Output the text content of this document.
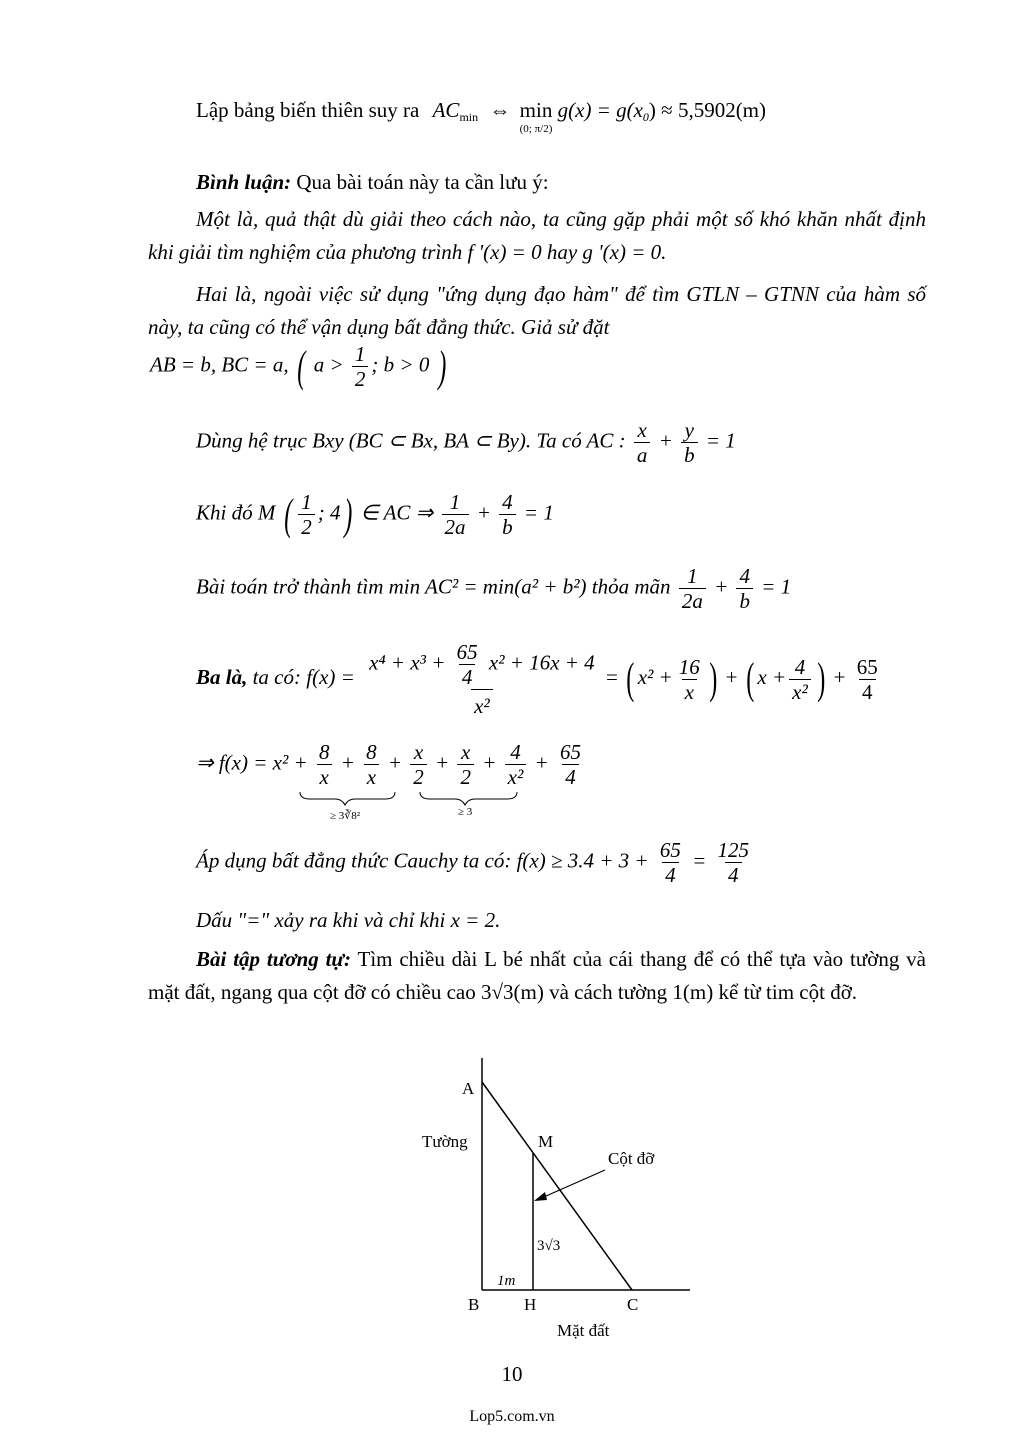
Lập bảng biến thiên suy ra $AC_{min}$ ⇔ min
(0; π/2)
$g(x) = g(x_0) \approx 5,5902(m)$
Bình luận: Qua bài toán này ta cần lưu ý:
Một là, quả thật dù giải theo cách nào, ta cũng gặp phải một số khó khăn nhất định khi giải tìm nghiệm của phương trình f '(x) = 0 hay g '(x) = 0.
Hai là, ngoài việc sử dụng "ứng dụng đạo hàm" để tìm GTLN – GTNN của hàm số này, ta cũng có thể vận dụng bất đẳng thức. Giả sử đặt
AB = b, BC = a, ( $a > \frac{1}{2}$ ; b > 0 )
Dùng hệ trục Bxy (BC ⊂ Bx, BA ⊂ By). Ta có AC : $\frac{x}{a} + \frac{y}{b} = 1$
Khi đó M ( $\frac{1}{2}$ ; 4) ∈ AC ⇒ $\frac{1}{2a} + \frac{4}{b} = 1$
Bài toán trở thành tìm min AC² = min(a² + b²) thỏa mãn $\frac{1}{2a} + \frac{4}{b} = 1$
Ba là, ta có: $f(x) = \frac{x^4 + x^3 + \frac{65}{4} x^2 + 16x + 4}{\text{x²}}$ = ( $x^2 + \frac{16}{x}$ ) + ( $x + \frac{4}{\text{x²}}$ ) + $\frac{65}{4}$
⇒ $f(x) = x^2 + \frac{8}{x} + \frac{8}{x} + \frac{x}{2} + \frac{x}{2} + \frac{4}{\text{x²}} + \frac{65}{4}$
≥ 3∛8²	≥ 3
Áp dụng bất đẳng thức Cauchy ta có: $f(x) \ge 3.4 + 3 + \frac{65}{4} = \frac{125}{4}$
Dấu "=" xảy ra khi và chỉ khi x = 2.
Bài tập tương tự: Tìm chiều dài L bé nhất của cái thang để có thể tựa vào tường và mặt đất, ngang qua cột đỡ có chiều cao 3√3(m) và cách tường 1(m) kể từ tim cột đỡ.
A
Tường	M
Cột đỡ
3√3
1m
B	H	C
Mặt đất
10
Lop5.com.vn
